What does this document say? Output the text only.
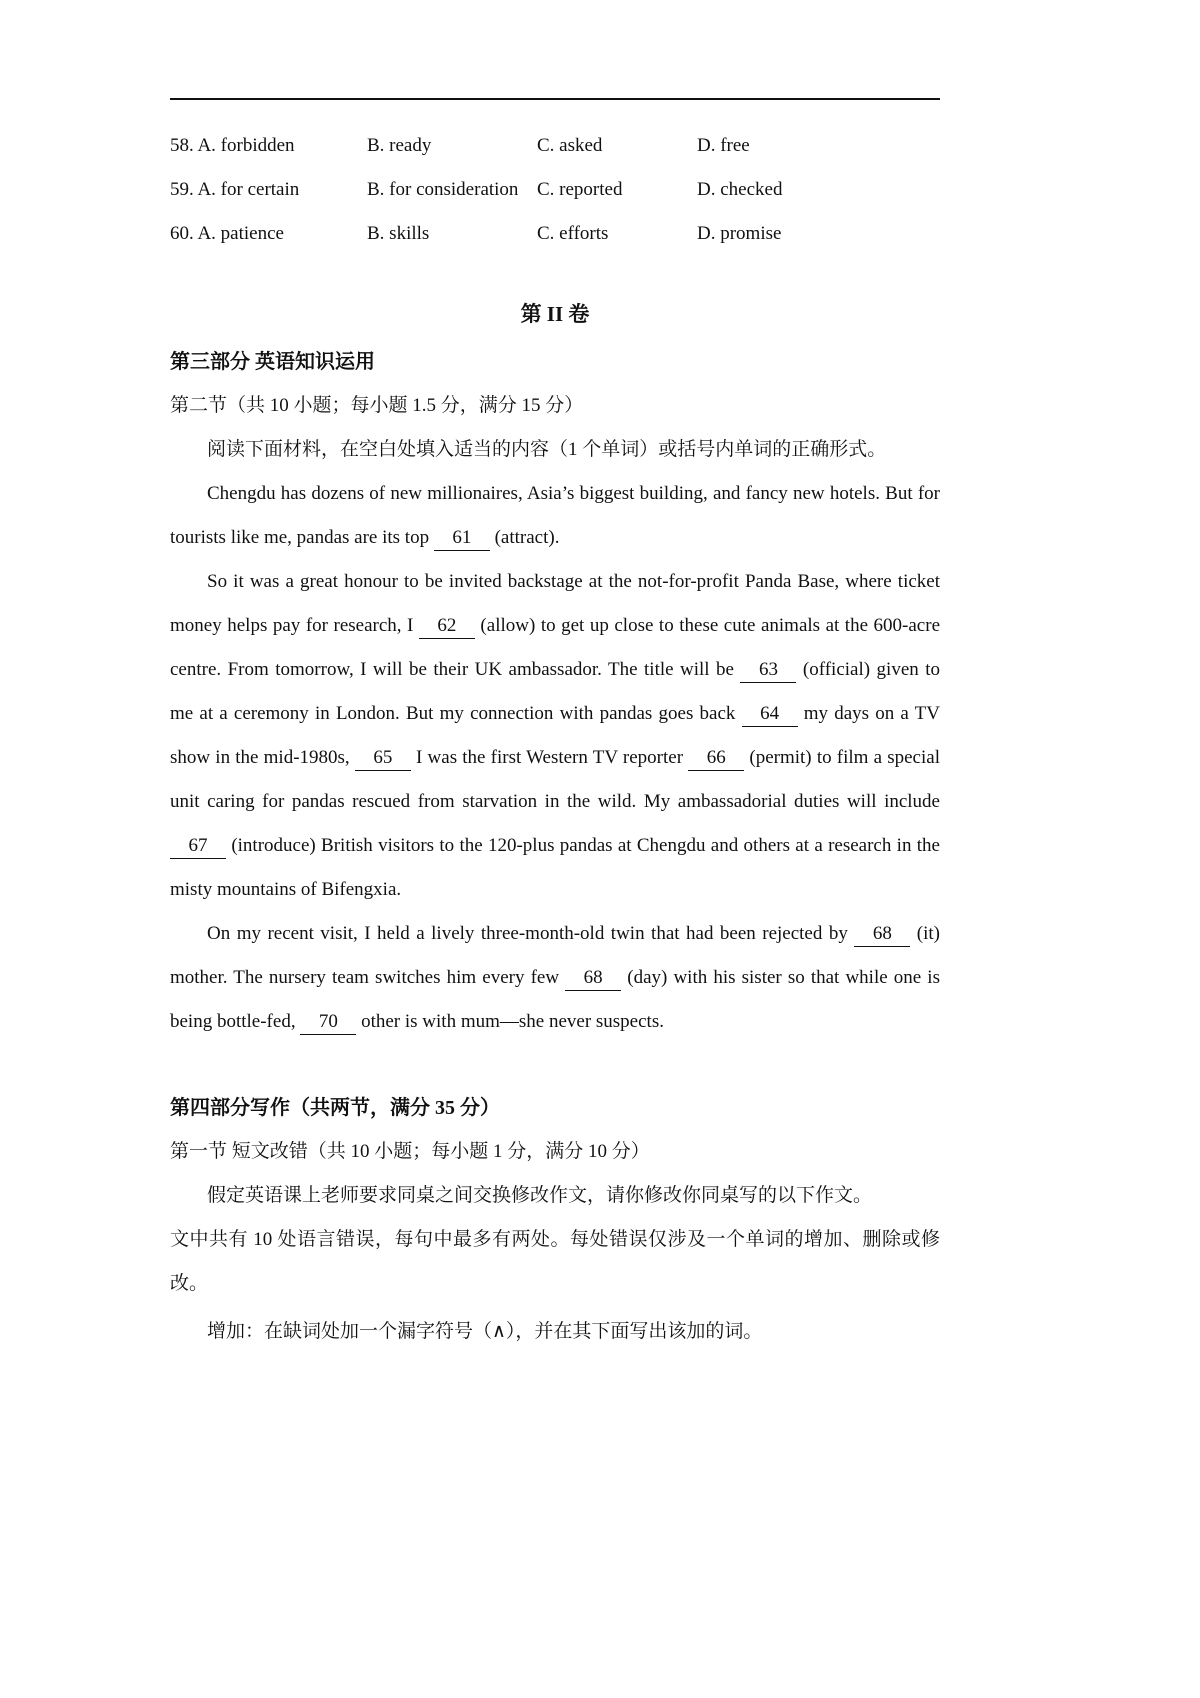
58. A. forbidden	B. ready	C. asked	D. free
59. A. for certain	B. for consideration C. reported	D. checked
60. A. patience	B. skills	C. efforts	D. promise
第 II 卷
第三部分 英语知识运用

第二节（共 10 小题；每小题 1.5 分，满分 15 分）

阅读下面材料，在空白处填入适当的内容（1 个单词）或括号内单词的正确形式。

Chengdu has dozens of new millionaires, Asia’s biggest building, and fancy new hotels. But for tourists like me, pandas are its top 61 (attract).

So it was a great honour to be invited backstage at the not-for-profit Panda Base, where ticket money helps pay for research, I 62 (allow) to get up close to these cute animals at the 600-acre centre. From tomorrow, I will be their UK ambassador. The title will be 63 (official) given to me at a ceremony in London. But my connection with pandas goes back 64 my days on a TV show in the mid-1980s, 65 I was the first Western TV reporter 66 (permit) to film a special unit caring for pandas rescued from starvation in the wild. My ambassadorial duties will include 67 (introduce) British visitors to the 120-plus pandas at Chengdu and others at a research in the misty mountains of Bifengxia.

On my recent visit, I held a lively three-month-old twin that had been rejected by 68 (it) mother. The nursery team switches him every few 68 (day) with his sister so that while one is being bottle-fed, 70 other is with mum—she never suspects.

第四部分写作（共两节，满分 35 分）

第一节 短文改错（共 10 小题；每小题 1 分，满分 10 分）

假定英语课上老师要求同桌之间交换修改作文，请你修改你同桌写的以下作文。

文中共有 10 处语言错误，每句中最多有两处。每处错误仅涉及一个单词的增加、删除或修改。

增加：在缺词处加一个漏字符号（∧），并在其下面写出该加的词。
